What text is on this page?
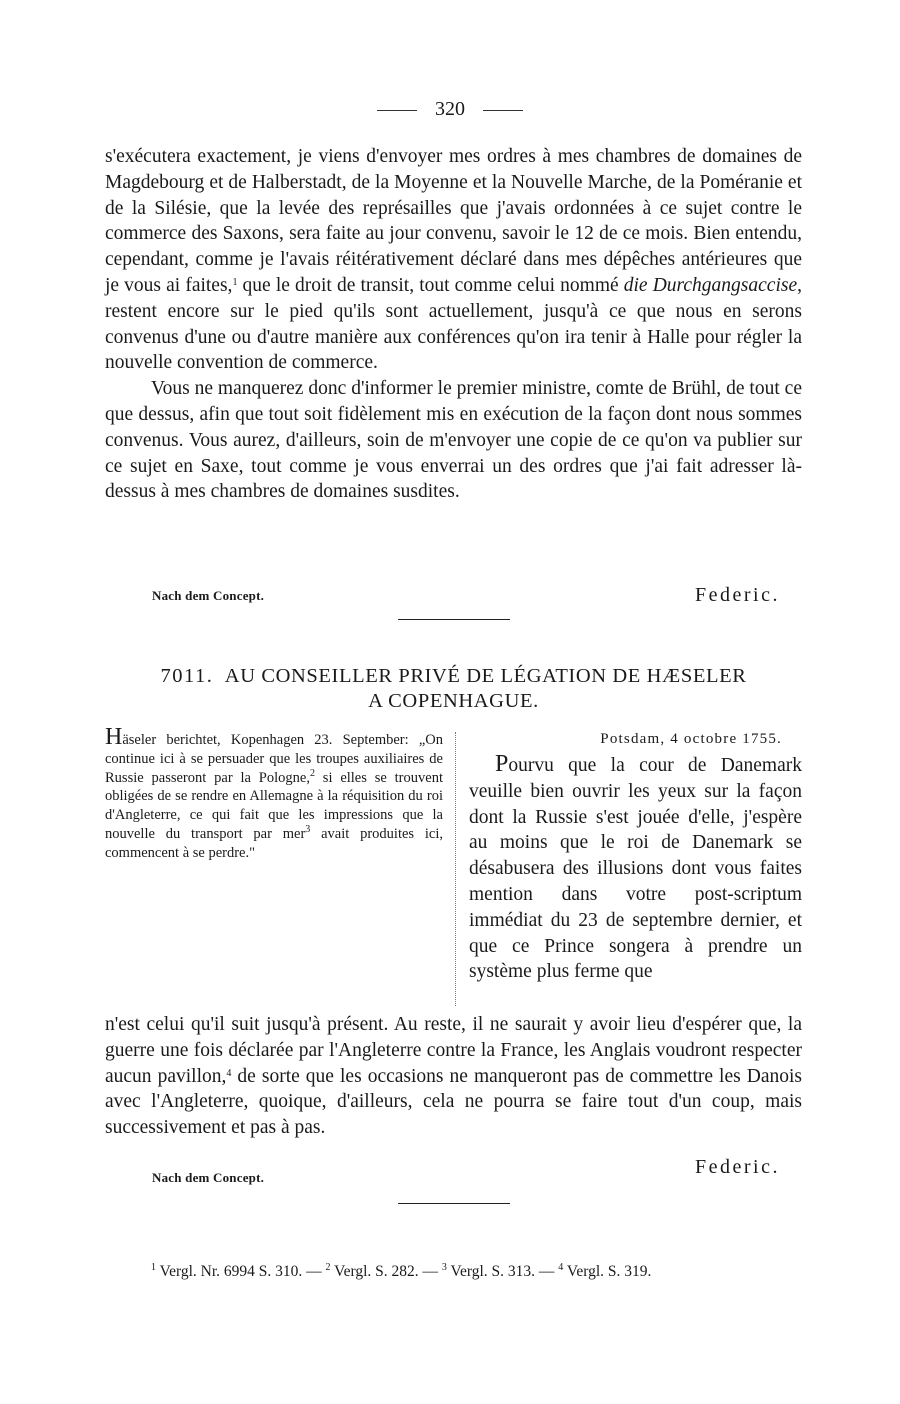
320

s'exécutera exactement, je viens d'envoyer mes ordres à mes chambres de domaines de Magdebourg et de Halberstadt, de la Moyenne et la Nouvelle Marche, de la Poméranie et de la Silésie, que la levée des représailles que j'avais ordonnées à ce sujet contre le commerce des Saxons, sera faite au jour convenu, savoir le 12 de ce mois. Bien entendu, cependant, comme je l'avais réitérativement déclaré dans mes dépêches antérieures que je vous ai faites,$^1$ que le droit de transit, tout comme celui nommé die Durchgangsaccise, restent encore sur le pied qu'ils sont actuellement, jusqu'à ce que nous en serons convenus d'une ou d'autre manière aux conférences qu'on ira tenir à Halle pour régler la nouvelle convention de commerce.

Vous ne manquerez donc d'informer le premier ministre, comte de Brühl, de tout ce que dessus, afin que tout soit fidèlement mis en exécution de la façon dont nous sommes convenus. Vous aurez, d'ailleurs, soin de m'envoyer une copie de ce qu'on va publier sur ce sujet en Saxe, tout comme je vous enverrai un des ordres que j'ai fait adresser là-dessus à mes chambres de domaines susdites.

Nach dem Concept.	Federic.
7011. AU CONSEILLER PRIVÉ DE LÉGATION DE HÆSELER
A COPENHAGUE.
Häseler berichtet, Kopenhagen 23. September: „On continue ici à se persuader que les troupes auxiliaires de Russie passeront par la Pologne,$^2$ si elles se trouvent obligées de se rendre en Allemagne à la réquisition du roi d'Angleterre, ce qui fait que les impressions que la nouvelle du transport par mer$^3$ avait produites ici, commencent à se perdre."
Potsdam, 4 octobre 1755.
Pourvu que la cour de Danemark veuille bien ouvrir les yeux sur la façon dont la Russie s'est jouée d'elle, j'espère au moins que le roi de Danemark se désabusera des illusions dont vous faites mention dans votre post-scriptum immédiat du 23 de septembre dernier, et que ce Prince songera à prendre un système plus ferme que
n'est celui qu'il suit jusqu'à présent. Au reste, il ne saurait y avoir lieu d'espérer que, la guerre une fois déclarée par l'Angleterre contre la France, les Anglais voudront respecter aucun pavillon,$^4$ de sorte que les occasions ne manqueront pas de commettre les Danois avec l'Angleterre, quoique, d'ailleurs, cela ne pourra se faire tout d'un coup, mais successivement et pas à pas.
Nach dem Concept.	Federic.
$^1$ Vergl. Nr. 6994 S. 310. — $^2$ Vergl. S. 282. — $^3$ Vergl. S. 313. — $^4$ Vergl. S. 319.
